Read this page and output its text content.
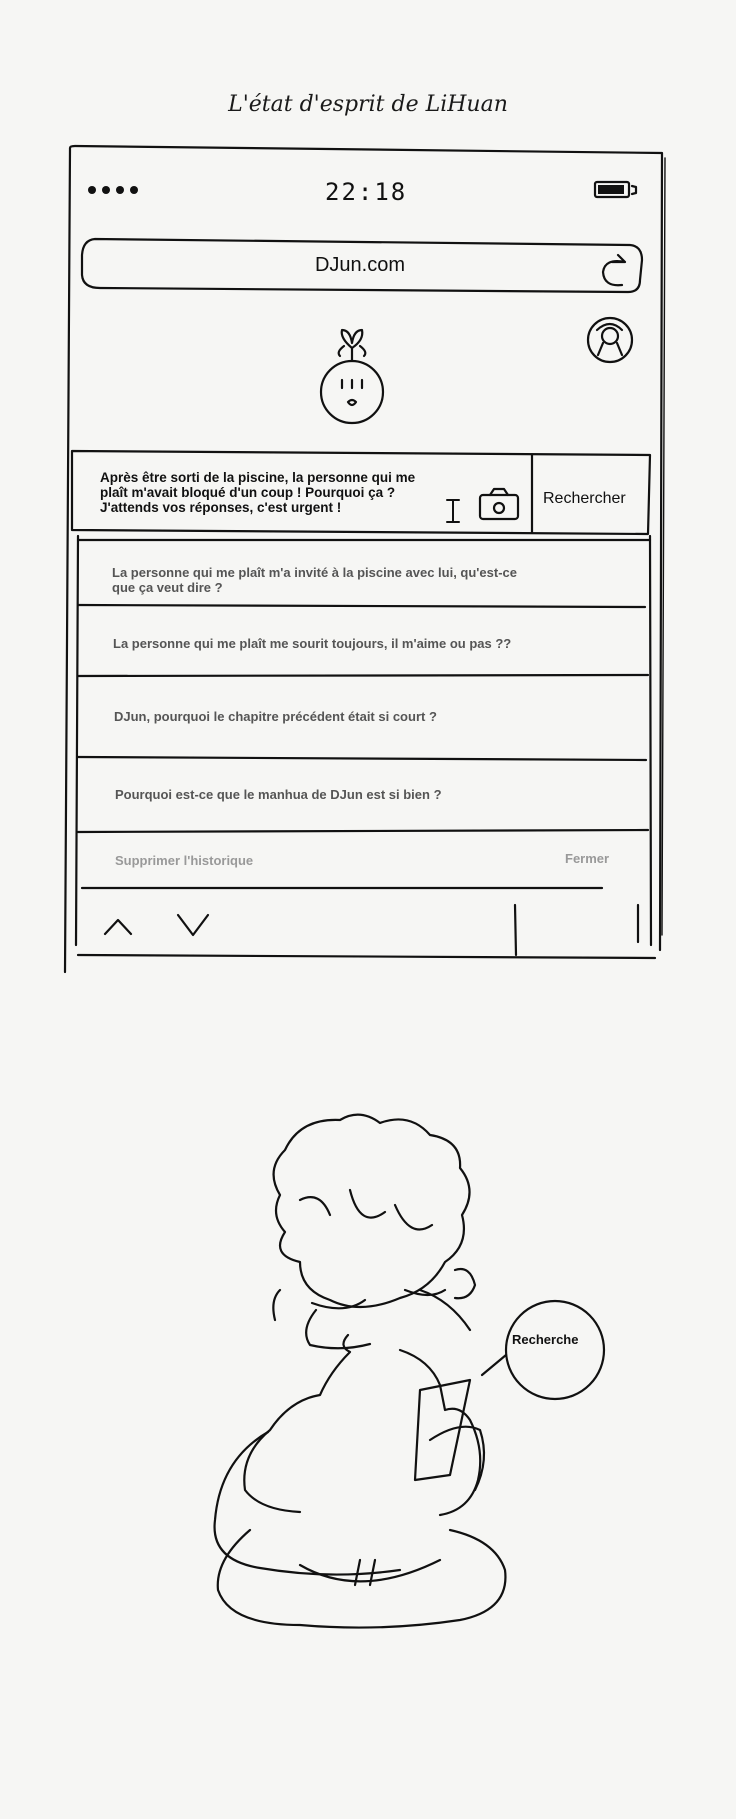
L'état d'esprit de LiHuan
22:18
DJun.com
Après être sorti de la piscine, la personne qui me plaît m'avait bloqué d'un coup ! Pourquoi ça ? J'attends vos réponses, c'est urgent !
Rechercher
La personne qui me plaît m'a invité à la piscine avec lui, qu'est-ce que ça veut dire ?
La personne qui me plaît me sourit toujours, il m'aime ou pas ??
DJun, pourquoi le chapitre précédent était si court ?
Pourquoi est-ce que le manhua de DJun est si bien ?
Supprimer l'historique	Fermer
Recherche
